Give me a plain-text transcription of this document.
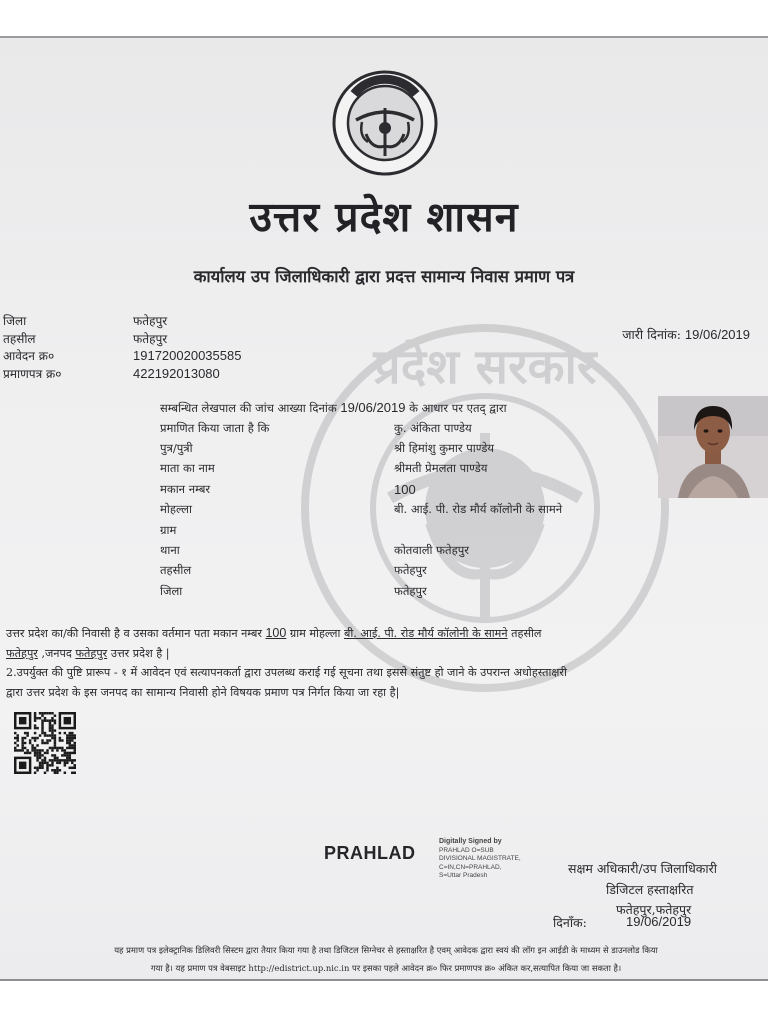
प्रदेश सरकार
उत्तर प्रदेश शासन
कार्यालय उप जिलाधिकारी द्वारा प्रदत्त सामान्य निवास प्रमाण पत्र
जिला	फतेहपुर
तहसील	फतेहपुर
आवेदन क्र०	191720020035585
प्रमाणपत्र क्र०	422192013080
जारी दिनांक: 19/06/2019
सम्बन्धित लेखपाल की जांच आख्या दिनांक 19/06/2019 के आधार पर एतद् द्वारा
प्रमाणित किया जाता है कि	कु. अंकिता पाण्डेय
पुत्र/पुत्री	श्री हिमांशु कुमार पाण्डेय
माता का नाम	श्रीमती प्रेमलता पाण्डेय
मकान नम्बर	100
मोहल्ला	बी. आई. पी. रोड मौर्य कॉलोनी के सामने
ग्राम
थाना	कोतवाली फतेहपुर
तहसील	फतेहपुर
जिला	फतेहपुर
उत्तर प्रदेश का/की निवासी है व उसका वर्तमान पता मकान नम्बर 100 ग्राम मोहल्ला बी. आई. पी. रोड मौर्य कॉलोनी के सामने तहसील
फतेहपुर ,जनपद फतेहपुर उत्तर प्रदेश है |
2.उपर्युक्त की पुष्टि प्रारूप - १ में आवेदन एवं सत्यापनकर्ता द्वारा उपलब्ध कराई गई सूचना तथा इससे संतुष्ट हो जाने के उपरान्त अधोहस्ताक्षरी
द्वारा उत्तर प्रदेश के इस जनपद का सामान्य निवासी होने विषयक प्रमाण पत्र निर्गत किया जा रहा है|
PRAHLAD
Digitally Signed by
PRAHLAD O=SUB
DIVISIONAL MAGISTRATE,
C=IN,CN=PRAHLAD,
S=Uttar Pradesh	सक्षम अधिकारी/उप जिलाधिकारी
डिजिटल हस्ताक्षरित
फतेहपुर,फतेहपुर
दिनाँक:	19/06/2019
यह प्रमाण पत्र इलेक्ट्रानिक डिलिवरी सिस्टम द्वारा तैयार किया गया है तथा डिजिटल सिग्नेचर से हस्ताक्षरित है एवम् आवेदक द्वारा स्वयं की लॉग इन आईडी के माध्यम से डाउनलोड किया
गया है। यह प्रमाण पत्र वेबसाइट http://edistrict.up.nic.in पर इसका पहले आवेदन क्र० फिर प्रमाणपत्र क्र० अंकित कर,सत्यापित किया जा सकता है।
